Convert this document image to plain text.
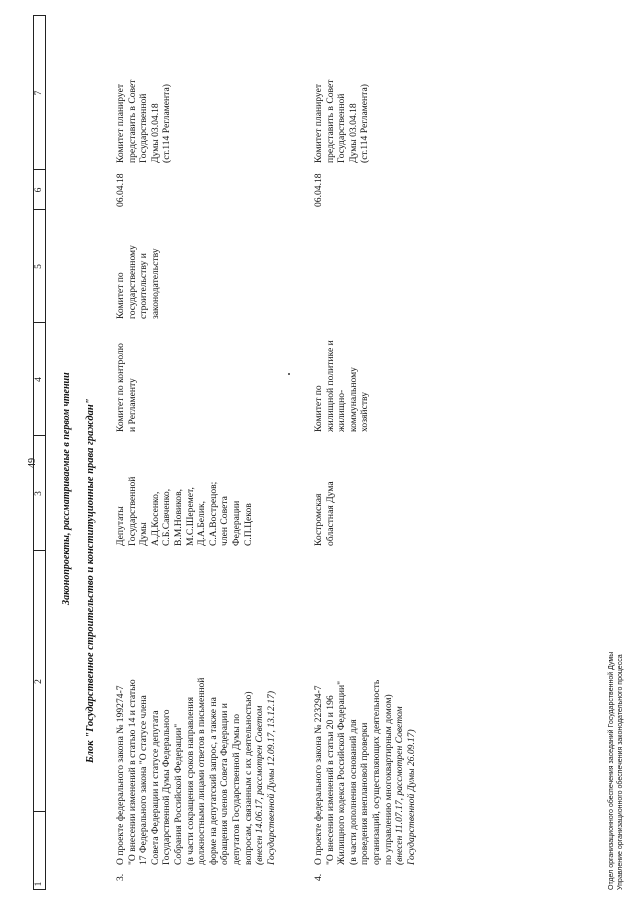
49
1
2
3
4
5
6
7
Законопроекты, рассматриваемые в первом чтении Блок "Государственное строительство и конституционные права граждан"
3.
О проекте федерального закона № 199274-7
"О внесении изменений в статью 14 и статью
17 Федерального закона "О статусе члена
Совета Федерации и статусе депутата
Государственной Думы Федерального
Собрания Российской Федерации"
(в части сокращения сроков направления
должностными лицами ответов в письменной
форме на депутатский запрос, а также на
обращения членов Совета Федерации и
депутатов Государственной Думы по
вопросам, связанным с их деятельностью)
(внесен 14.06.17, рассмотрен Советом
Государственной Думы 12.09.17, 13.12.17)
Депутаты
Государственной
Думы
А.Д.Косенко,
С.Б.Савченко,
В.М.Новиков,
М.С.Шеремет,
Д.А.Белик,
С.А.Вострецов;
член Совета
Федерации
С.П.Цеков
Комитет по контролю
и Регламенту
Комитет по
государственному
строительству и
законодательству
06.04.18
Комитет планирует
представить в Совет
Государственной
Думы 03.04.18
(ст.114 Регламента)
4.
О проекте федерального закона № 223294-7
"О внесении изменений в статьи 20 и 196
Жилищного кодекса Российской Федерации"
(в части дополнения оснований для
проведения внеплановой проверки
организаций, осуществляющих деятельность
по управлению многоквартирным домом)
(внесен 11.07.17, рассмотрен Советом
Государственной Думы 26.09.17)
Костромская
областная Дума
Комитет по
жилищной политике и
жилищно-
коммунальному
хозяйству
06.04.18
Комитет планирует
представить в Совет
Государственной
Думы 03.04.18
(ст.114 Регламента)
Отдел организационного обеспечения заседаний Государственной Думы Управление организационного обеспечения законодательного процесса
